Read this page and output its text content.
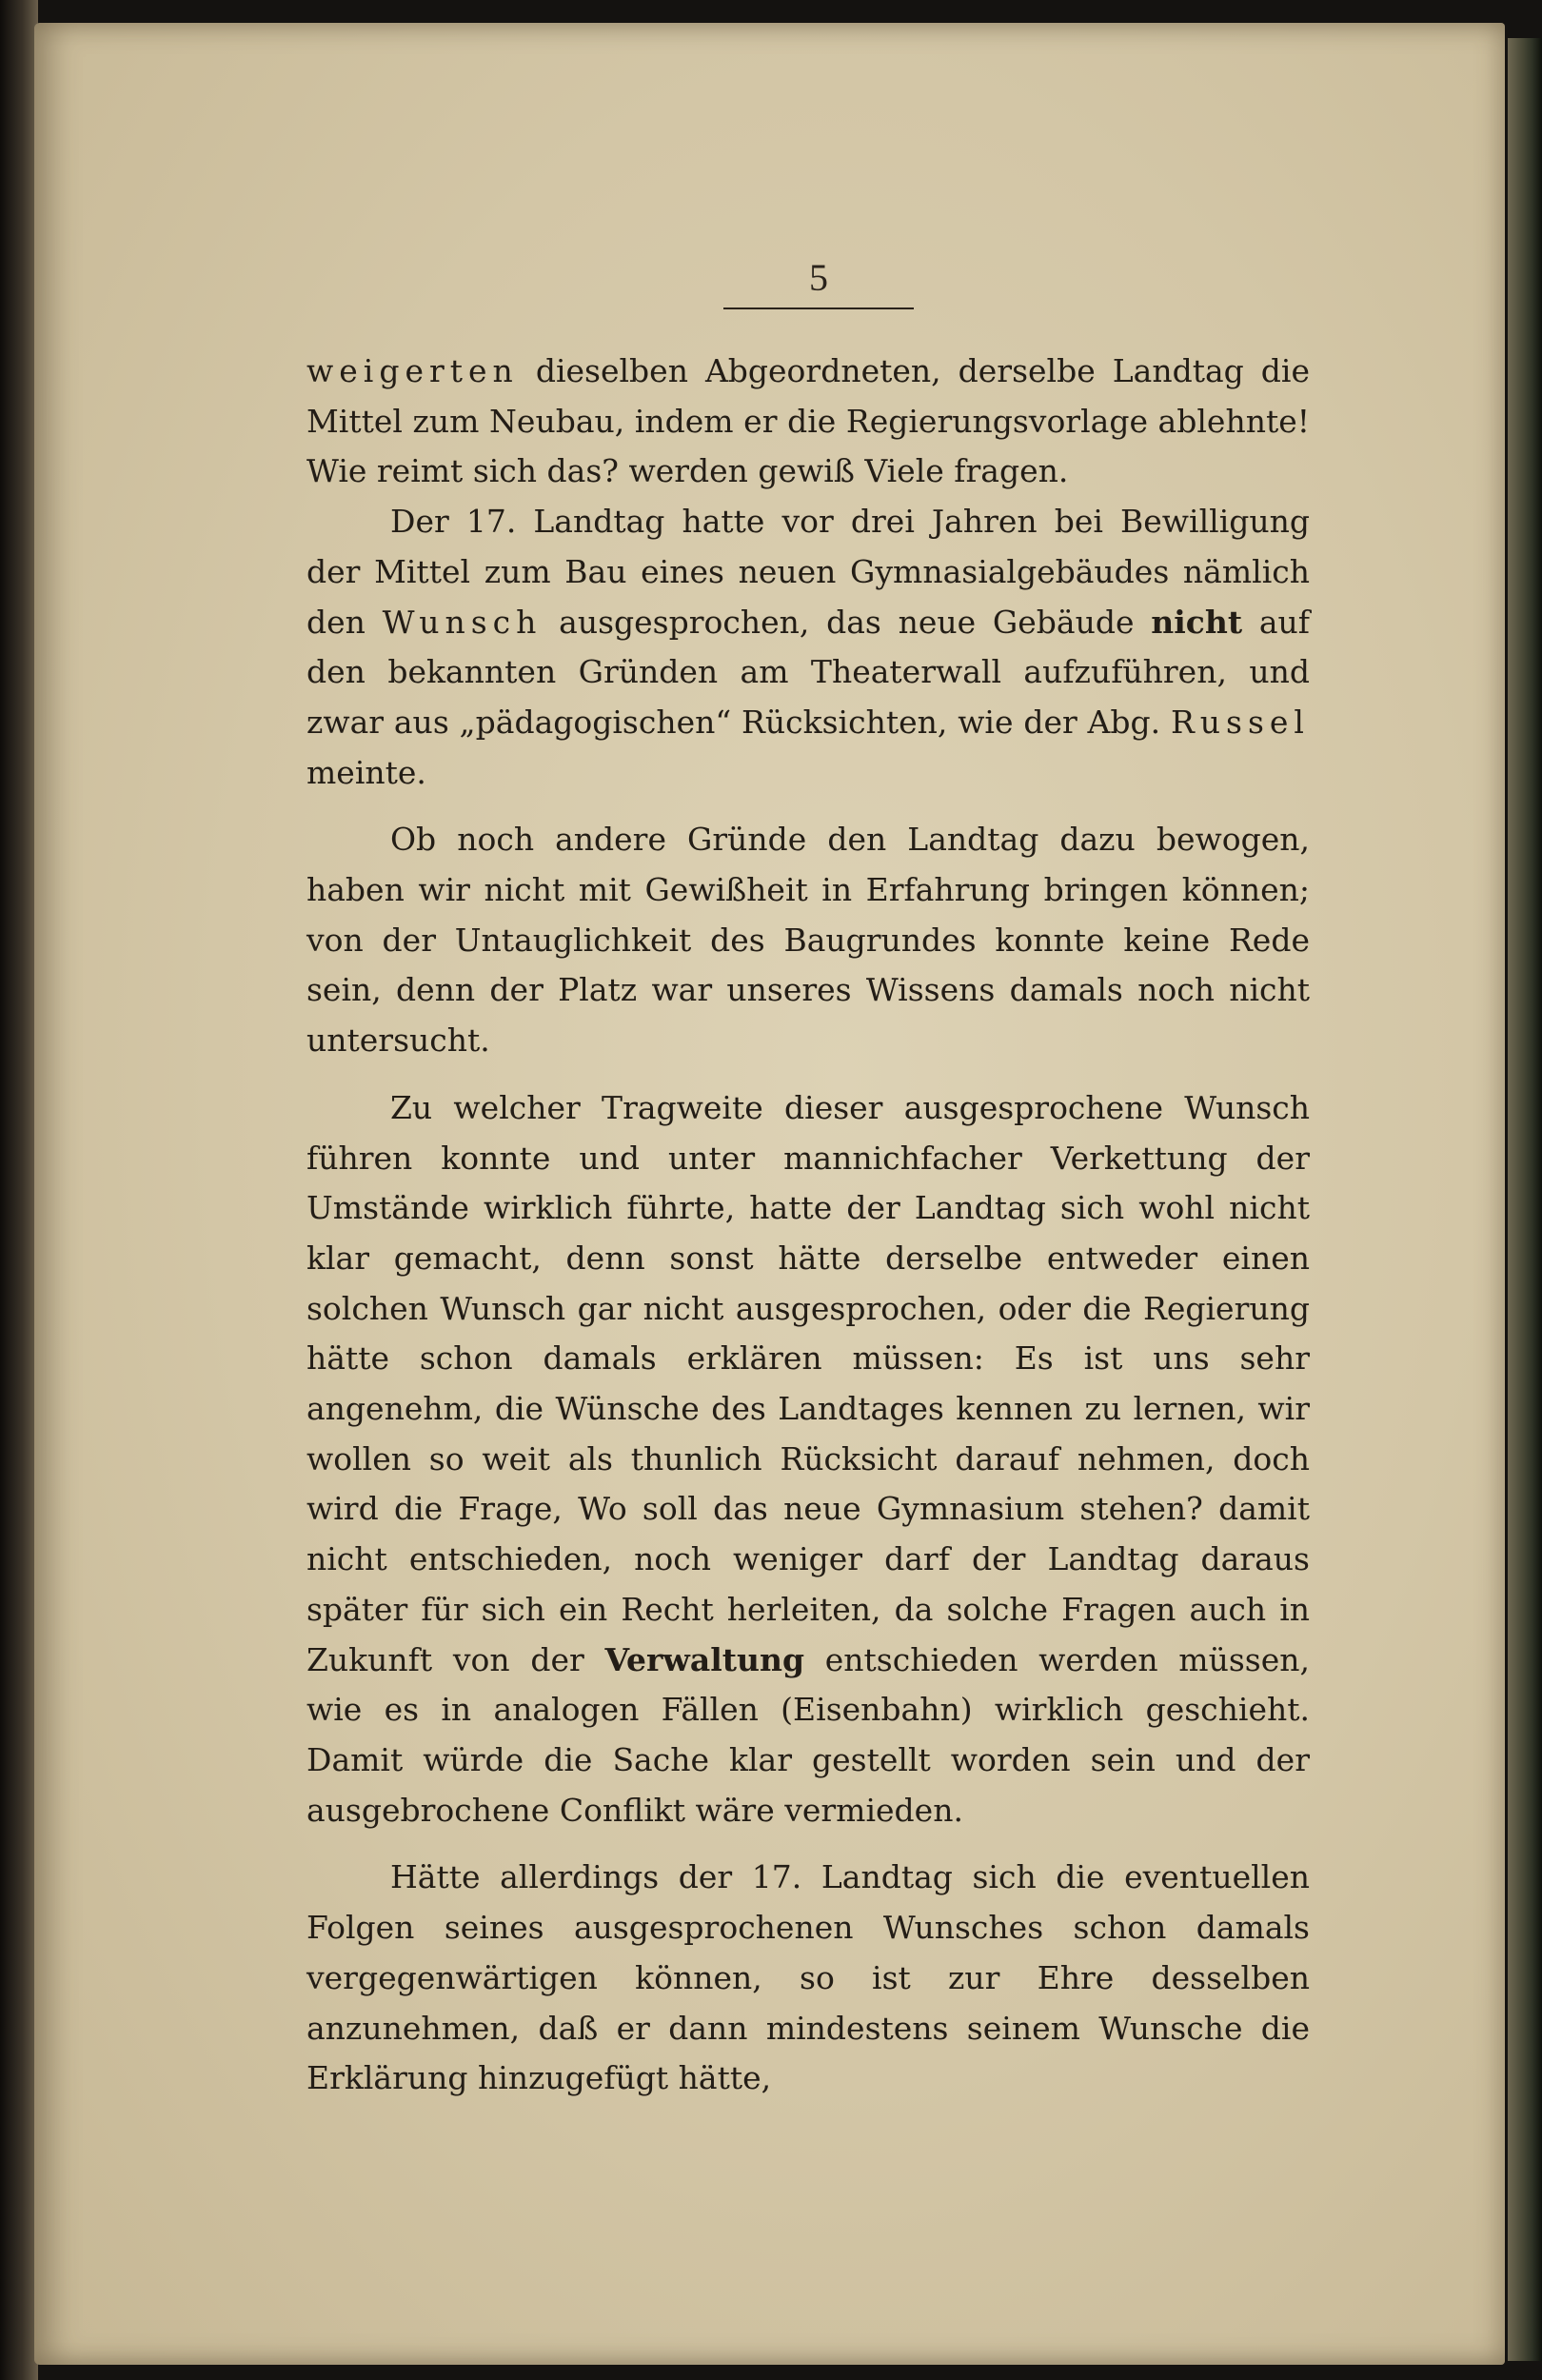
5

weigerten dieselben Abgeordneten, derselbe Landtag die Mittel zum Neubau, indem er die Regierungsvorlage ablehnte! Wie reimt sich das? werden gewiß Viele fragen.

Der 17. Landtag hatte vor drei Jahren bei Bewilligung der Mittel zum Bau eines neuen Gymnasialgebäudes nämlich den Wunsch ausgesprochen, das neue Gebäude nicht auf den bekannten Gründen am Theaterwall aufzuführen, und zwar aus „pädagogischen“ Rücksichten, wie der Abg. Russel meinte.

Ob noch andere Gründe den Landtag dazu bewogen, haben wir nicht mit Gewißheit in Erfahrung bringen können; von der Untauglichkeit des Baugrundes konnte keine Rede sein, denn der Platz war unseres Wissens damals noch nicht untersucht.

Zu welcher Tragweite dieser ausgesprochene Wunsch führen konnte und unter mannichfacher Verkettung der Umstände wirklich führte, hatte der Landtag sich wohl nicht klar gemacht, denn sonst hätte derselbe entweder einen solchen Wunsch gar nicht ausgesprochen, oder die Regierung hätte schon damals erklären müssen: Es ist uns sehr angenehm, die Wünsche des Landtages kennen zu lernen, wir wollen so weit als thunlich Rücksicht darauf nehmen, doch wird die Frage, Wo soll das neue Gymnasium stehen? damit nicht entschieden, noch weniger darf der Landtag daraus später für sich ein Recht herleiten, da solche Fragen auch in Zukunft von der Verwaltung entschieden werden müssen, wie es in analogen Fällen (Eisenbahn) wirklich geschieht. Damit würde die Sache klar gestellt worden sein und der ausgebrochene Conflikt wäre vermieden.

Hätte allerdings der 17. Landtag sich die eventuellen Folgen seines ausgesprochenen Wunsches schon damals vergegenwärtigen können, so ist zur Ehre desselben anzunehmen, daß er dann mindestens seinem Wunsche die Erklärung hinzugefügt hätte,
